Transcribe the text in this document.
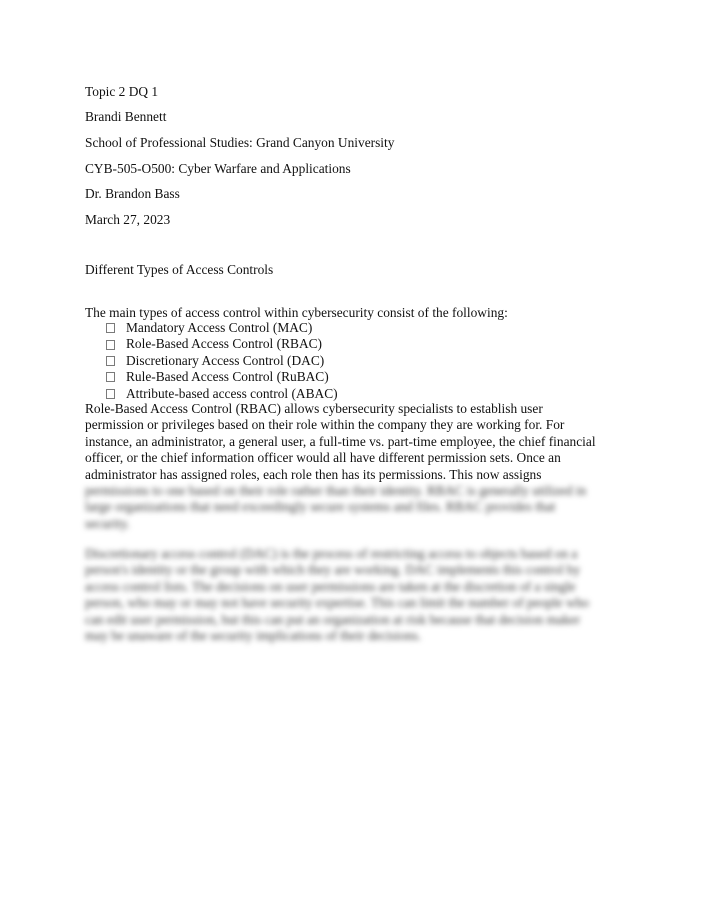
Topic 2 DQ 1
Brandi Bennett
School of Professional Studies: Grand Canyon University
CYB-505-O500: Cyber Warfare and Applications
Dr. Brandon Bass
March 27, 2023
Different Types of Access Controls
The main types of access control within cybersecurity consist of the following:
Mandatory Access Control (MAC)
Role-Based Access Control (RBAC)
Discretionary Access Control (DAC)
Rule-Based Access Control (RuBAC)
Attribute-based access control (ABAC)
Role-Based Access Control (RBAC) allows cybersecurity specialists to establish user
permission or privileges based on their role within the company they are working for. For
instance, an administrator, a general user, a full-time vs. part-time employee, the chief financial
officer, or the chief information officer would all have different permission sets. Once an
administrator has assigned roles, each role then has its permissions. This now assigns
permissions to one based on their role rather than their identity. RBAC is generally utilized in
large organizations that need exceedingly secure systems and files. RBAC provides that
security.
Discretionary access control (DAC) is the process of restricting access to objects based on a
person's identity or the group with which they are working. DAC implements this control by
access control lists. The decisions on user permissions are taken at the discretion of a single
person, who may or may not have security expertise. This can limit the number of people who
can edit user permission, but this can put an organization at risk because that decision maker
may be unaware of the security implications of their decisions.
